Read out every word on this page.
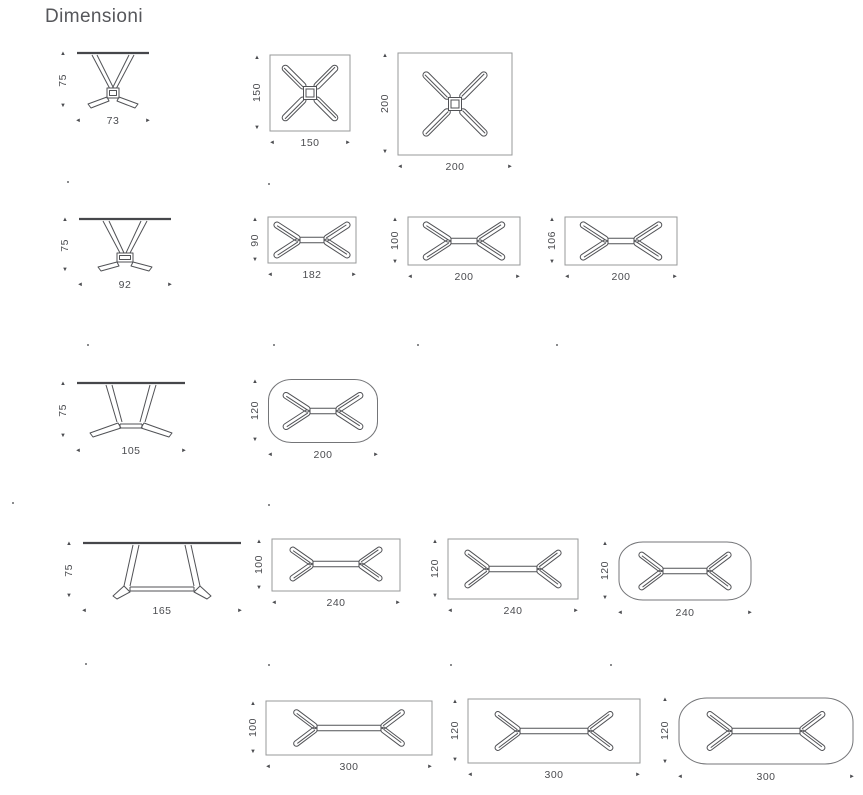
Dimensioni
▲
75
▼
◄ 73	►
▲
150
▼
◄ 150	►
▲
200
▼
◄	200	►
▲
75
▼
◄	92	►
▲
90
▼
◄	182	►
▲
100
▼
◄	200	►
▲
106
▼
◄	200	►
▲
75
▼
◄	105	►
▲
120
▼
◄	200	►
▲
75
▼
◄	165	►
▲
100
▼
◄	240	►
▲
120
▼
◄	240	►
▲
120
▼
◄	240	►
▲
100
▼
◄	300	►
▲
120
▼
◄	300	►
▲
120
▼
◄	300	►
